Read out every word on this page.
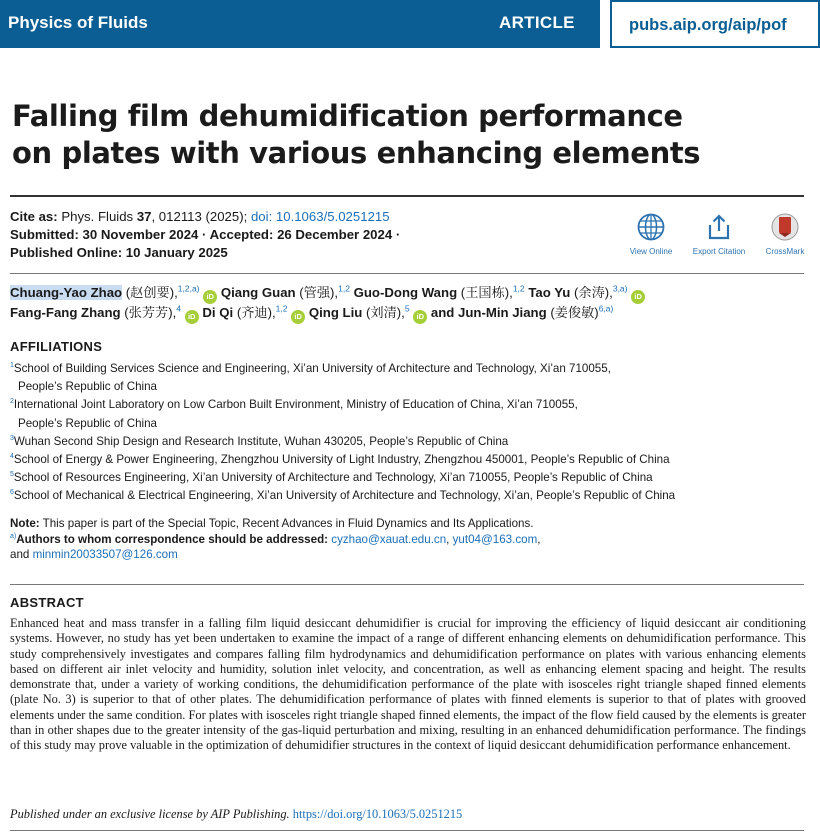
Physics of Fluids	ARTICLE	pubs.aip.org/aip/pof
Falling film dehumidification performance
on plates with various enhancing elements
Cite as: Phys. Fluids 37, 012113 (2025); doi: 10.1063/5.0251215
Submitted: 30 November 2024 · Accepted: 26 December 2024 ·
Published Online: 10 January 2025	View Online	Export Citation	CrossMark
Chuang-Yao Zhao (赵创要),$^{1,2,a)}$ iD Qiang Guan (管强),$^{1,2}$ Guo-Dong Wang (王国栋),$^{1,2}$ Tao Yu (余涛),$^{3,a)}$ iD
Fang-Fang Zhang (张芳芳),$^4$ iD Di Qi (齐迪),$^{1,2}$ iD Qing Liu (刘清),$^5$ iD and Jun-Min Jiang (姜俊敏)$^{6,a)}$
AFFILIATIONS
$^1$School of Building Services Science and Engineering, Xi’an University of Architecture and Technology, Xi’an 710055,
People’s Republic of China
$^2$International Joint Laboratory on Low Carbon Built Environment, Ministry of Education of China, Xi’an 710055,
People’s Republic of China
$^3$Wuhan Second Ship Design and Research Institute, Wuhan 430205, People’s Republic of China
$^4$School of Energy & Power Engineering, Zhengzhou University of Light Industry, Zhengzhou 450001, People’s Republic of China
$^5$School of Resources Engineering, Xi’an University of Architecture and Technology, Xi’an 710055, People’s Republic of China
$^6$School of Mechanical & Electrical Engineering, Xi’an University of Architecture and Technology, Xi’an, People’s Republic of China
Note: This paper is part of the Special Topic, Recent Advances in Fluid Dynamics and Its Applications.
$^{a)}$Authors to whom correspondence should be addressed: cyzhao@xauat.edu.cn, yut04@163.com,
and minmin20033507@126.com
ABSTRACT
Enhanced heat and mass transfer in a falling film liquid desiccant dehumidifier is crucial for improving the efficiency of liquid desiccant air conditioning systems. However, no study has yet been undertaken to examine the impact of a range of different enhancing elements on dehumidification performance. This study comprehensively investigates and compares falling film hydrodynamics and dehumidification performance on plates with various enhancing elements based on different air inlet velocity and humidity, solution inlet velocity, and concentration, as well as enhancing element spacing and height. The results demonstrate that, under a variety of working conditions, the dehumidification performance of the plate with isosceles right triangle shaped finned elements (plate No. 3) is superior to that of other plates. The dehumidification performance of plates with finned elements is superior to that of plates with grooved elements under the same condition. For plates with isosceles right triangle shaped finned elements, the impact of the flow field caused by the elements is greater than in other shapes due to the greater intensity of the gas-liquid perturbation and mixing, resulting in an enhanced dehumidification performance. The findings of this study may prove valuable in the optimization of dehumidifier structures in the context of liquid desiccant dehumidification performance enhancement.
Published under an exclusive license by AIP Publishing. https://doi.org/10.1063/5.0251215
